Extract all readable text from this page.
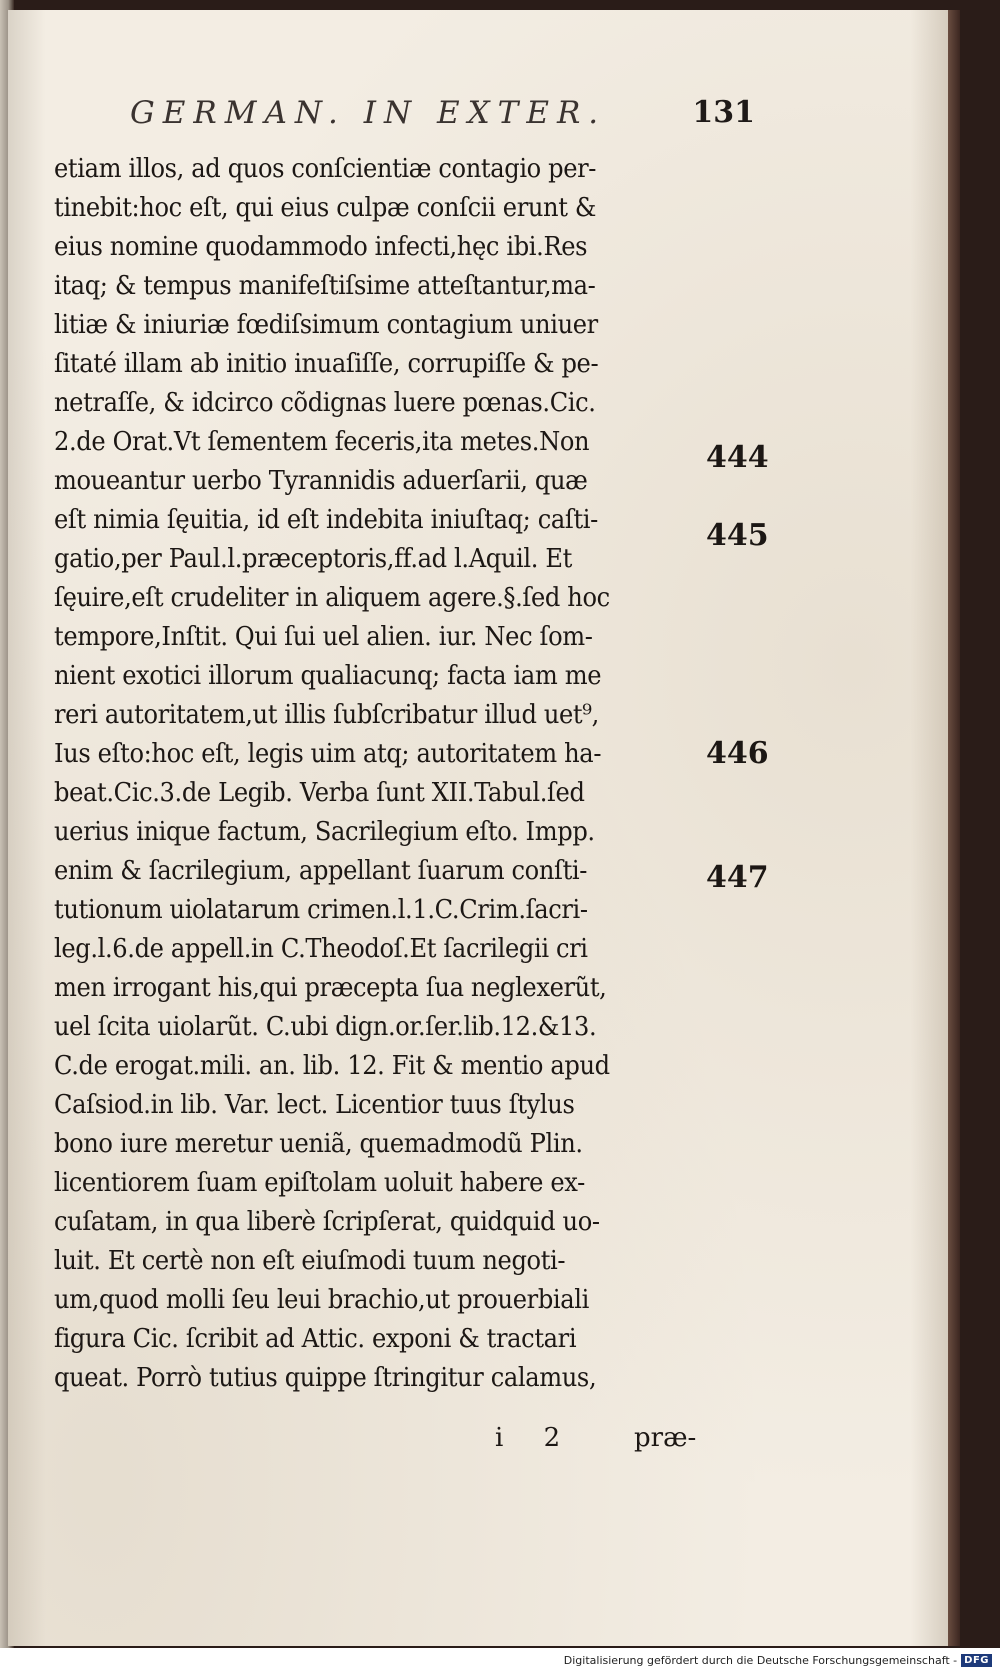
GERMAN. IN EXTER.	131
etiam illos, ad quos conſcientiæ contagio per-
tinebit:hoc eſt, qui eius culpæ conſcii erunt &
eius nomine quodammodo infecti,hęc ibi.Res
itaq; & tempus manifeſtiſsime atteſtantur,ma-
litiæ & iniuriæ fœdiſsimum contagium uniuer
ſitaté illam ab initio inuaſiſſe, corrupiſſe & pe-
netraſſe, & idcirco cõdignas luere pœnas.Cic.
2.de Orat.Vt ſementem feceris,ita metes.Non
moueantur uerbo Tyrannidis aduerſarii, quæ
eſt nimia ſęuitia, id eſt indebita iniuſtaq; caſti-
gatio,per Paul.l.præceptoris,ff.ad l.Aquil. Et
ſęuire,eſt crudeliter in aliquem agere.§.ſed hoc
tempore,Inſtit. Qui ſui uel alien. iur. Nec ſom-
nient exotici illorum qualiacunq; facta iam me
reri autoritatem,ut illis ſubſcribatur illud uet⁹,
Ius eſto:hoc eſt, legis uim atq; autoritatem ha-
beat.Cic.3.de Legib. Verba ſunt XII.Tabul.ſed
uerius inique factum, Sacrilegium eſto. Impp.
enim & ſacrilegium, appellant ſuarum conſti-
tutionum uiolatarum crimen.l.1.C.Crim.ſacri-
leg.l.6.de appell.in C.Theodoſ.Et ſacrilegii cri
men irrogant his,qui præcepta ſua neglexerũt,
uel ſcita uiolarũt. C.ubi dign.or.ſer.lib.12.&13.
C.de erogat.mili. an. lib. 12. Fit & mentio apud
Caſsiod.in lib. Var. lect. Licentior tuus ſtylus
bono iure meretur ueniã, quemadmodũ Plin.
licentiorem ſuam epiſtolam uoluit habere ex-
cuſatam, in qua liberè ſcripſerat, quidquid uo-
luit. Et certè non eſt eiuſmodi tuum negoti-
um,quod molli ſeu leui brachio,ut prouerbiali
figura Cic. ſcribit ad Attic. exponi & tractari
queat. Porrò tutius quippe ſtringitur calamus,
444
445
446
447
i 2 præ-
Digitalisierung gefördert durch die Deutsche Forschungsgemeinschaft - DFG
